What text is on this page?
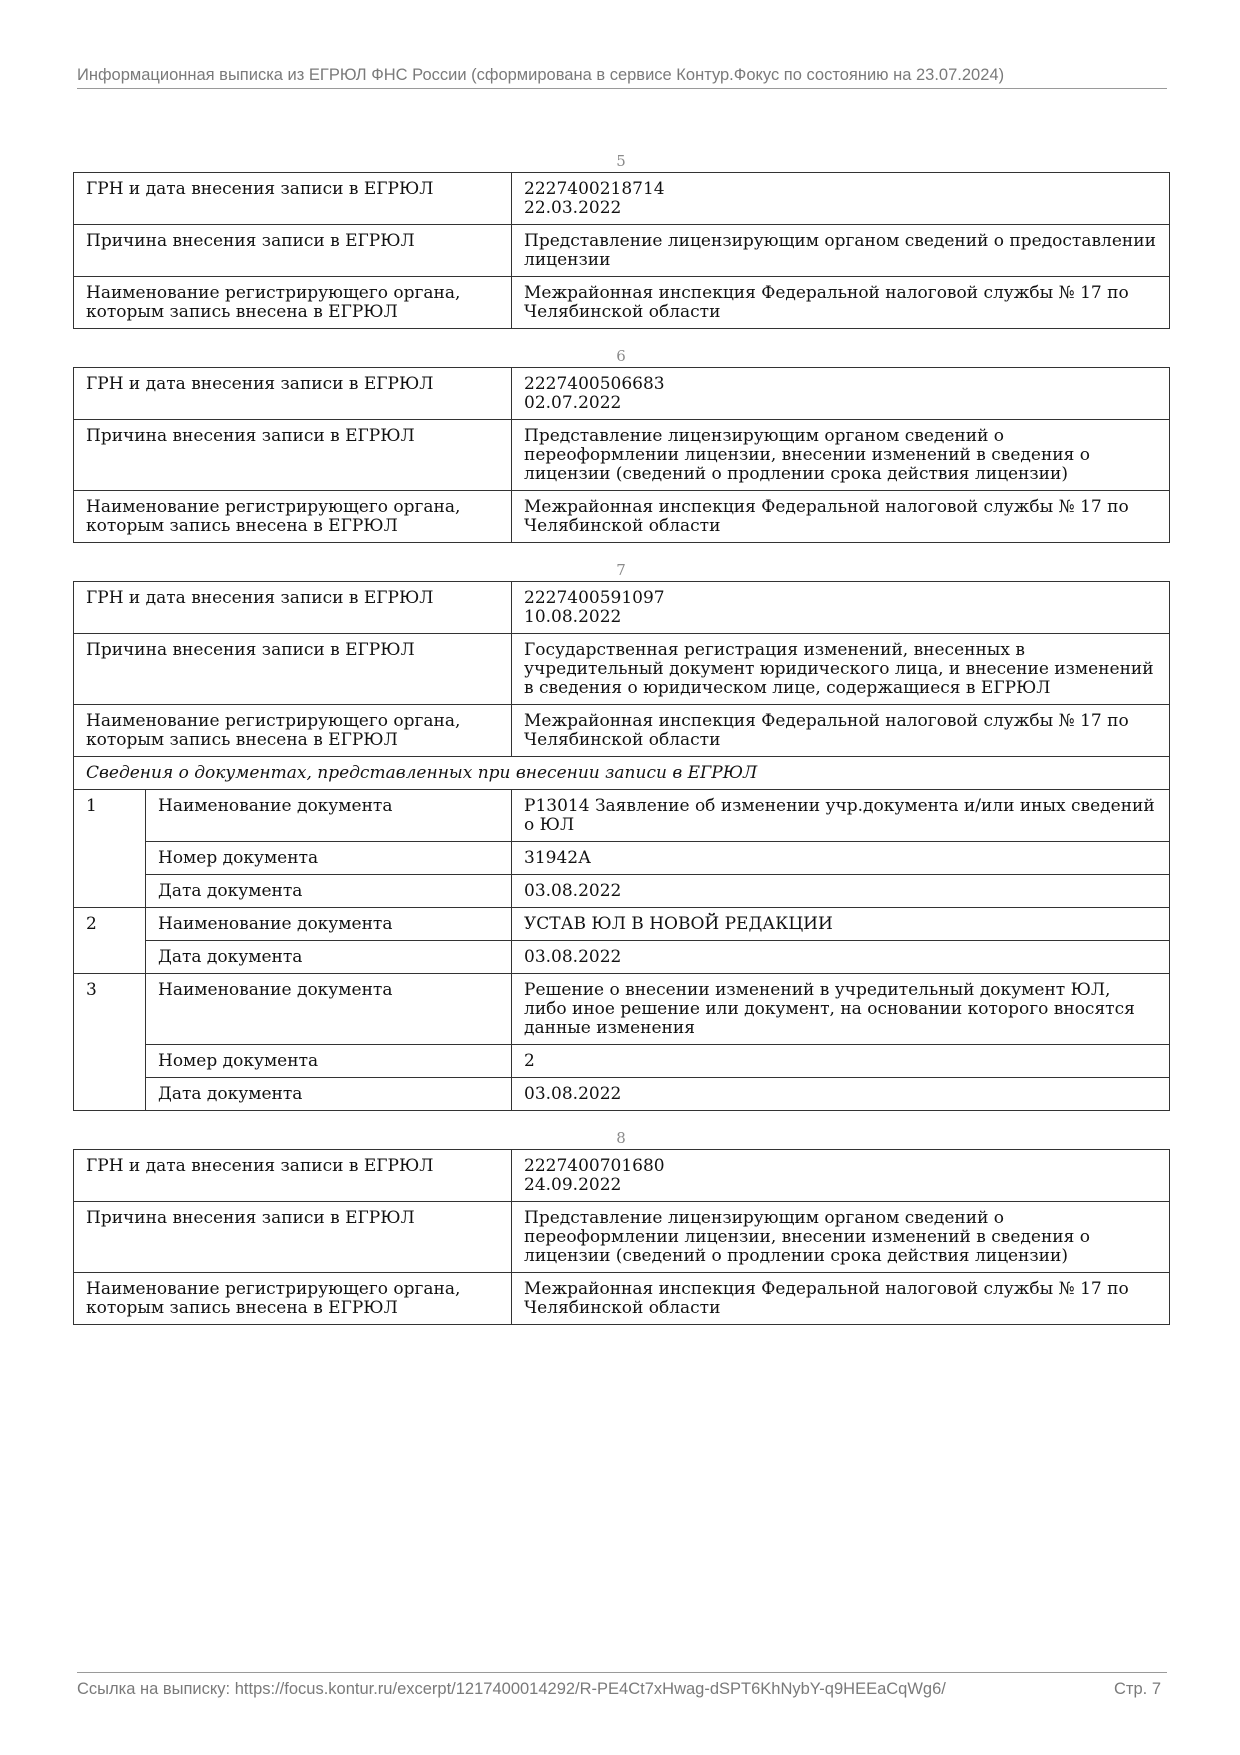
Информационная выписка из ЕГРЮЛ ФНС России (сформирована в сервисе Контур.Фокус по состоянию на 23.07.2024)
5
ГРН и дата внесения записи в ЕГРЮЛ	2227400218714
22.03.2022

Причина внесения записи в ЕГРЮЛ	Представление лицензирующим органом сведений о предоставлении лицензии

Наименование регистрирующего органа, которым запись внесена в ЕГРЮЛ	Межрайонная инспекция Федеральной налоговой службы № 17 по Челябинской области
6
ГРН и дата внесения записи в ЕГРЮЛ	2227400506683
02.07.2022

Причина внесения записи в ЕГРЮЛ	Представление лицензирующим органом сведений о переоформлении лицензии, внесении изменений в сведения о лицензии (сведений о продлении срока действия лицензии)

Наименование регистрирующего органа, которым запись внесена в ЕГРЮЛ	Межрайонная инспекция Федеральной налоговой службы № 17 по Челябинской области
7
ГРН и дата внесения записи в ЕГРЮЛ		2227400591097
10.08.2022

Причина внесения записи в ЕГРЮЛ		Государственная регистрация изменений, внесенных в учредительный документ юридического лица, и внесение изменений в сведения о юридическом лице, содержащиеся в ЕГРЮЛ

Наименование регистрирующего органа, которым запись внесена в ЕГРЮЛ		Межрайонная инспекция Федеральной налоговой службы № 17 по Челябинской области

Сведения о документах, представленных при внесении записи в ЕГРЮЛ		
1	Наименование документа	Р13014 Заявление об изменении учр.документа и/или иных сведений о ЮЛ
	Номер документа	31942А
	Дата документа	03.08.2022
2	Наименование документа	УСТАВ ЮЛ В НОВОЙ РЕДАКЦИИ
	Дата документа	03.08.2022
3	Наименование документа	Решение о внесении изменений в учредительный документ ЮЛ, либо иное решение или документ, на основании которого вносятся данные изменения
	Номер документа	2
	Дата документа	03.08.2022
8
ГРН и дата внесения записи в ЕГРЮЛ	2227400701680
24.09.2022

Причина внесения записи в ЕГРЮЛ	Представление лицензирующим органом сведений о переоформлении лицензии, внесении изменений в сведения о лицензии (сведений о продлении срока действия лицензии)

Наименование регистрирующего органа, которым запись внесена в ЕГРЮЛ	Межрайонная инспекция Федеральной налоговой службы № 17 по Челябинской области
Ссылка на выписку: https://focus.kontur.ru/excerpt/1217400014292/R-PE4Ct7xHwag-dSPT6KhNybY-q9HEEaCqWg6/	Стр. 7
